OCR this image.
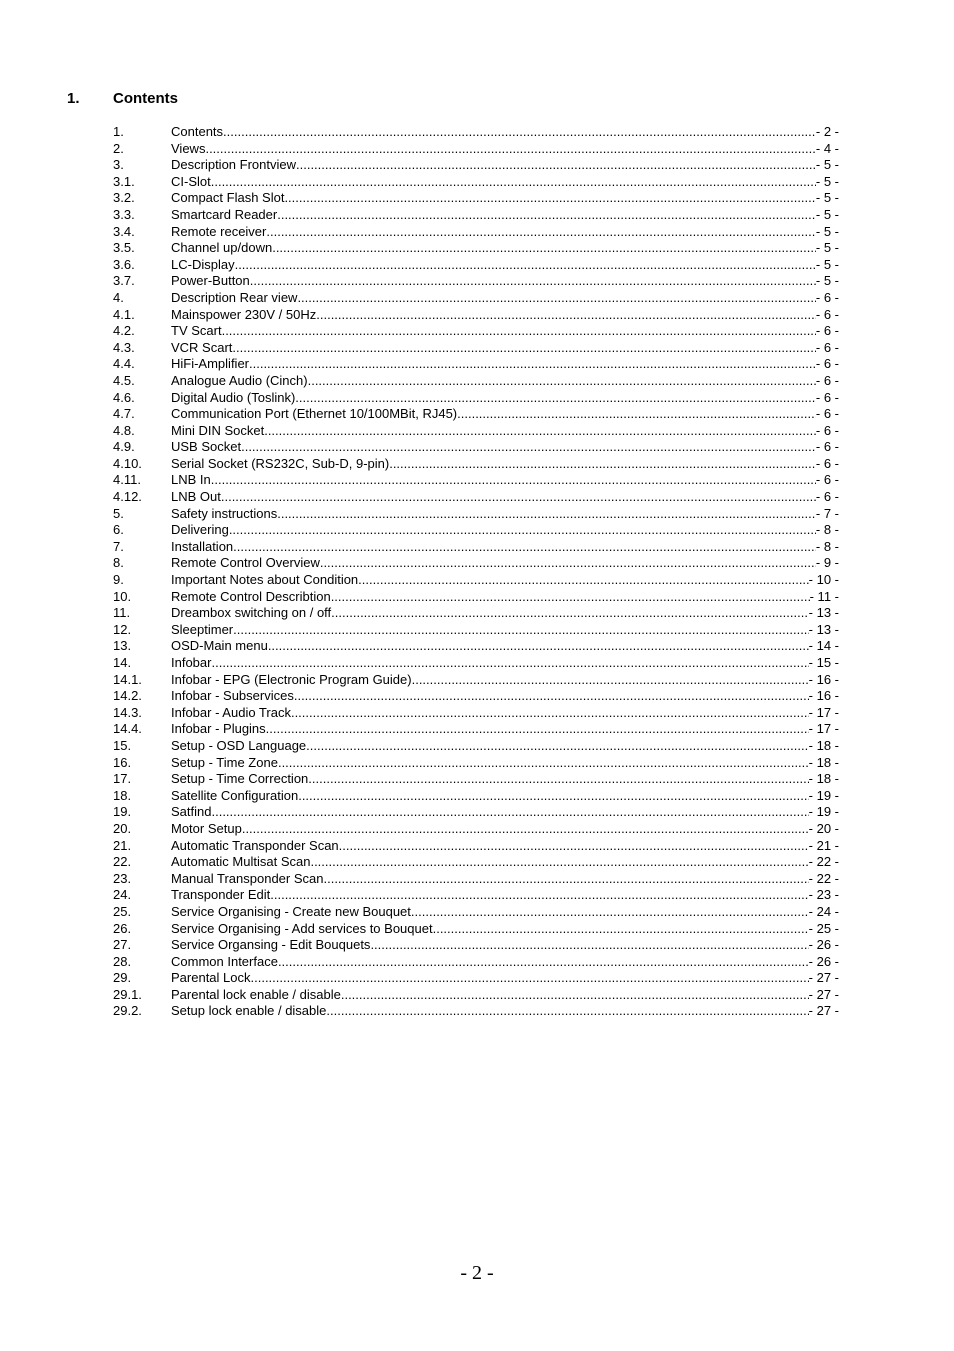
1.	Contents
1.	Contents .....	- 2 -
2.	Views .....	- 4 -
3.	Description Frontview .....	- 5 -
3.1.	CI-Slot .....	- 5 -
3.2.	Compact Flash Slot .....	- 5 -
3.3.	Smartcard Reader .....	- 5 -
3.4.	Remote receiver .....	- 5 -
3.5.	Channel up/down .....	- 5 -
3.6.	LC-Display .....	- 5 -
3.7.	Power-Button .....	- 5 -
4.	Description Rear view .....	- 6 -
4.1.	Mainspower 230V / 50Hz .....	- 6 -
4.2.	TV Scart .....	- 6 -
4.3.	VCR Scart .....	- 6 -
4.4.	HiFi-Amplifier .....	- 6 -
4.5.	Analogue Audio (Cinch) .....	- 6 -
4.6.	Digital Audio (Toslink) .....	- 6 -
4.7.	Communication Port (Ethernet 10/100MBit, RJ45) .....	- 6 -
4.8.	Mini DIN Socket .....	- 6 -
4.9.	USB Socket .....	- 6 -
4.10.	Serial Socket (RS232C, Sub-D, 9-pin) .....	- 6 -
4.11.	LNB In .....	- 6 -
4.12.	LNB Out .....	- 6 -
5.	Safety instructions .....	- 7 -
6.	Delivering .....	- 8 -
7.	Installation .....	- 8 -
8.	Remote Control Overview .....	- 9 -
9.	Important Notes about Condition .....	- 10 -
10.	Remote Control Describtion .....	- 11 -
11.	Dreambox switching on / off .....	- 13 -
12.	Sleeptimer .....	- 13 -
13.	OSD-Main menu .....	- 14 -
14.	Infobar .....	- 15 -
14.1.	Infobar - EPG (Electronic Program Guide) .....	- 16 -
14.2.	Infobar - Subservices .....	- 16 -
14.3.	Infobar - Audio Track .....	- 17 -
14.4.	Infobar - Plugins .....	- 17 -
15.	Setup - OSD Language .....	- 18 -
16.	Setup - Time Zone .....	- 18 -
17.	Setup - Time Correction .....	- 18 -
18.	Satellite Configuration .....	- 19 -
19.	Satfind .....	- 19 -
20.	Motor Setup .....	- 20 -
21.	Automatic Transponder Scan .....	- 21 -
22.	Automatic Multisat Scan .....	- 22 -
23.	Manual Transponder Scan .....	- 22 -
24.	Transponder Edit .....	- 23 -
25.	Service Organising - Create new Bouquet .....	- 24 -
26.	Service Organising - Add services to Bouquet .....	- 25 -
27.	Service Organsing - Edit Bouquets .....	- 26 -
28.	Common Interface .....	- 26 -
29.	Parental Lock .....	- 27 -
29.1.	Parental lock enable / disable .....	- 27 -
29.2.	Setup lock enable / disable .....	- 27 -
- 2 -
